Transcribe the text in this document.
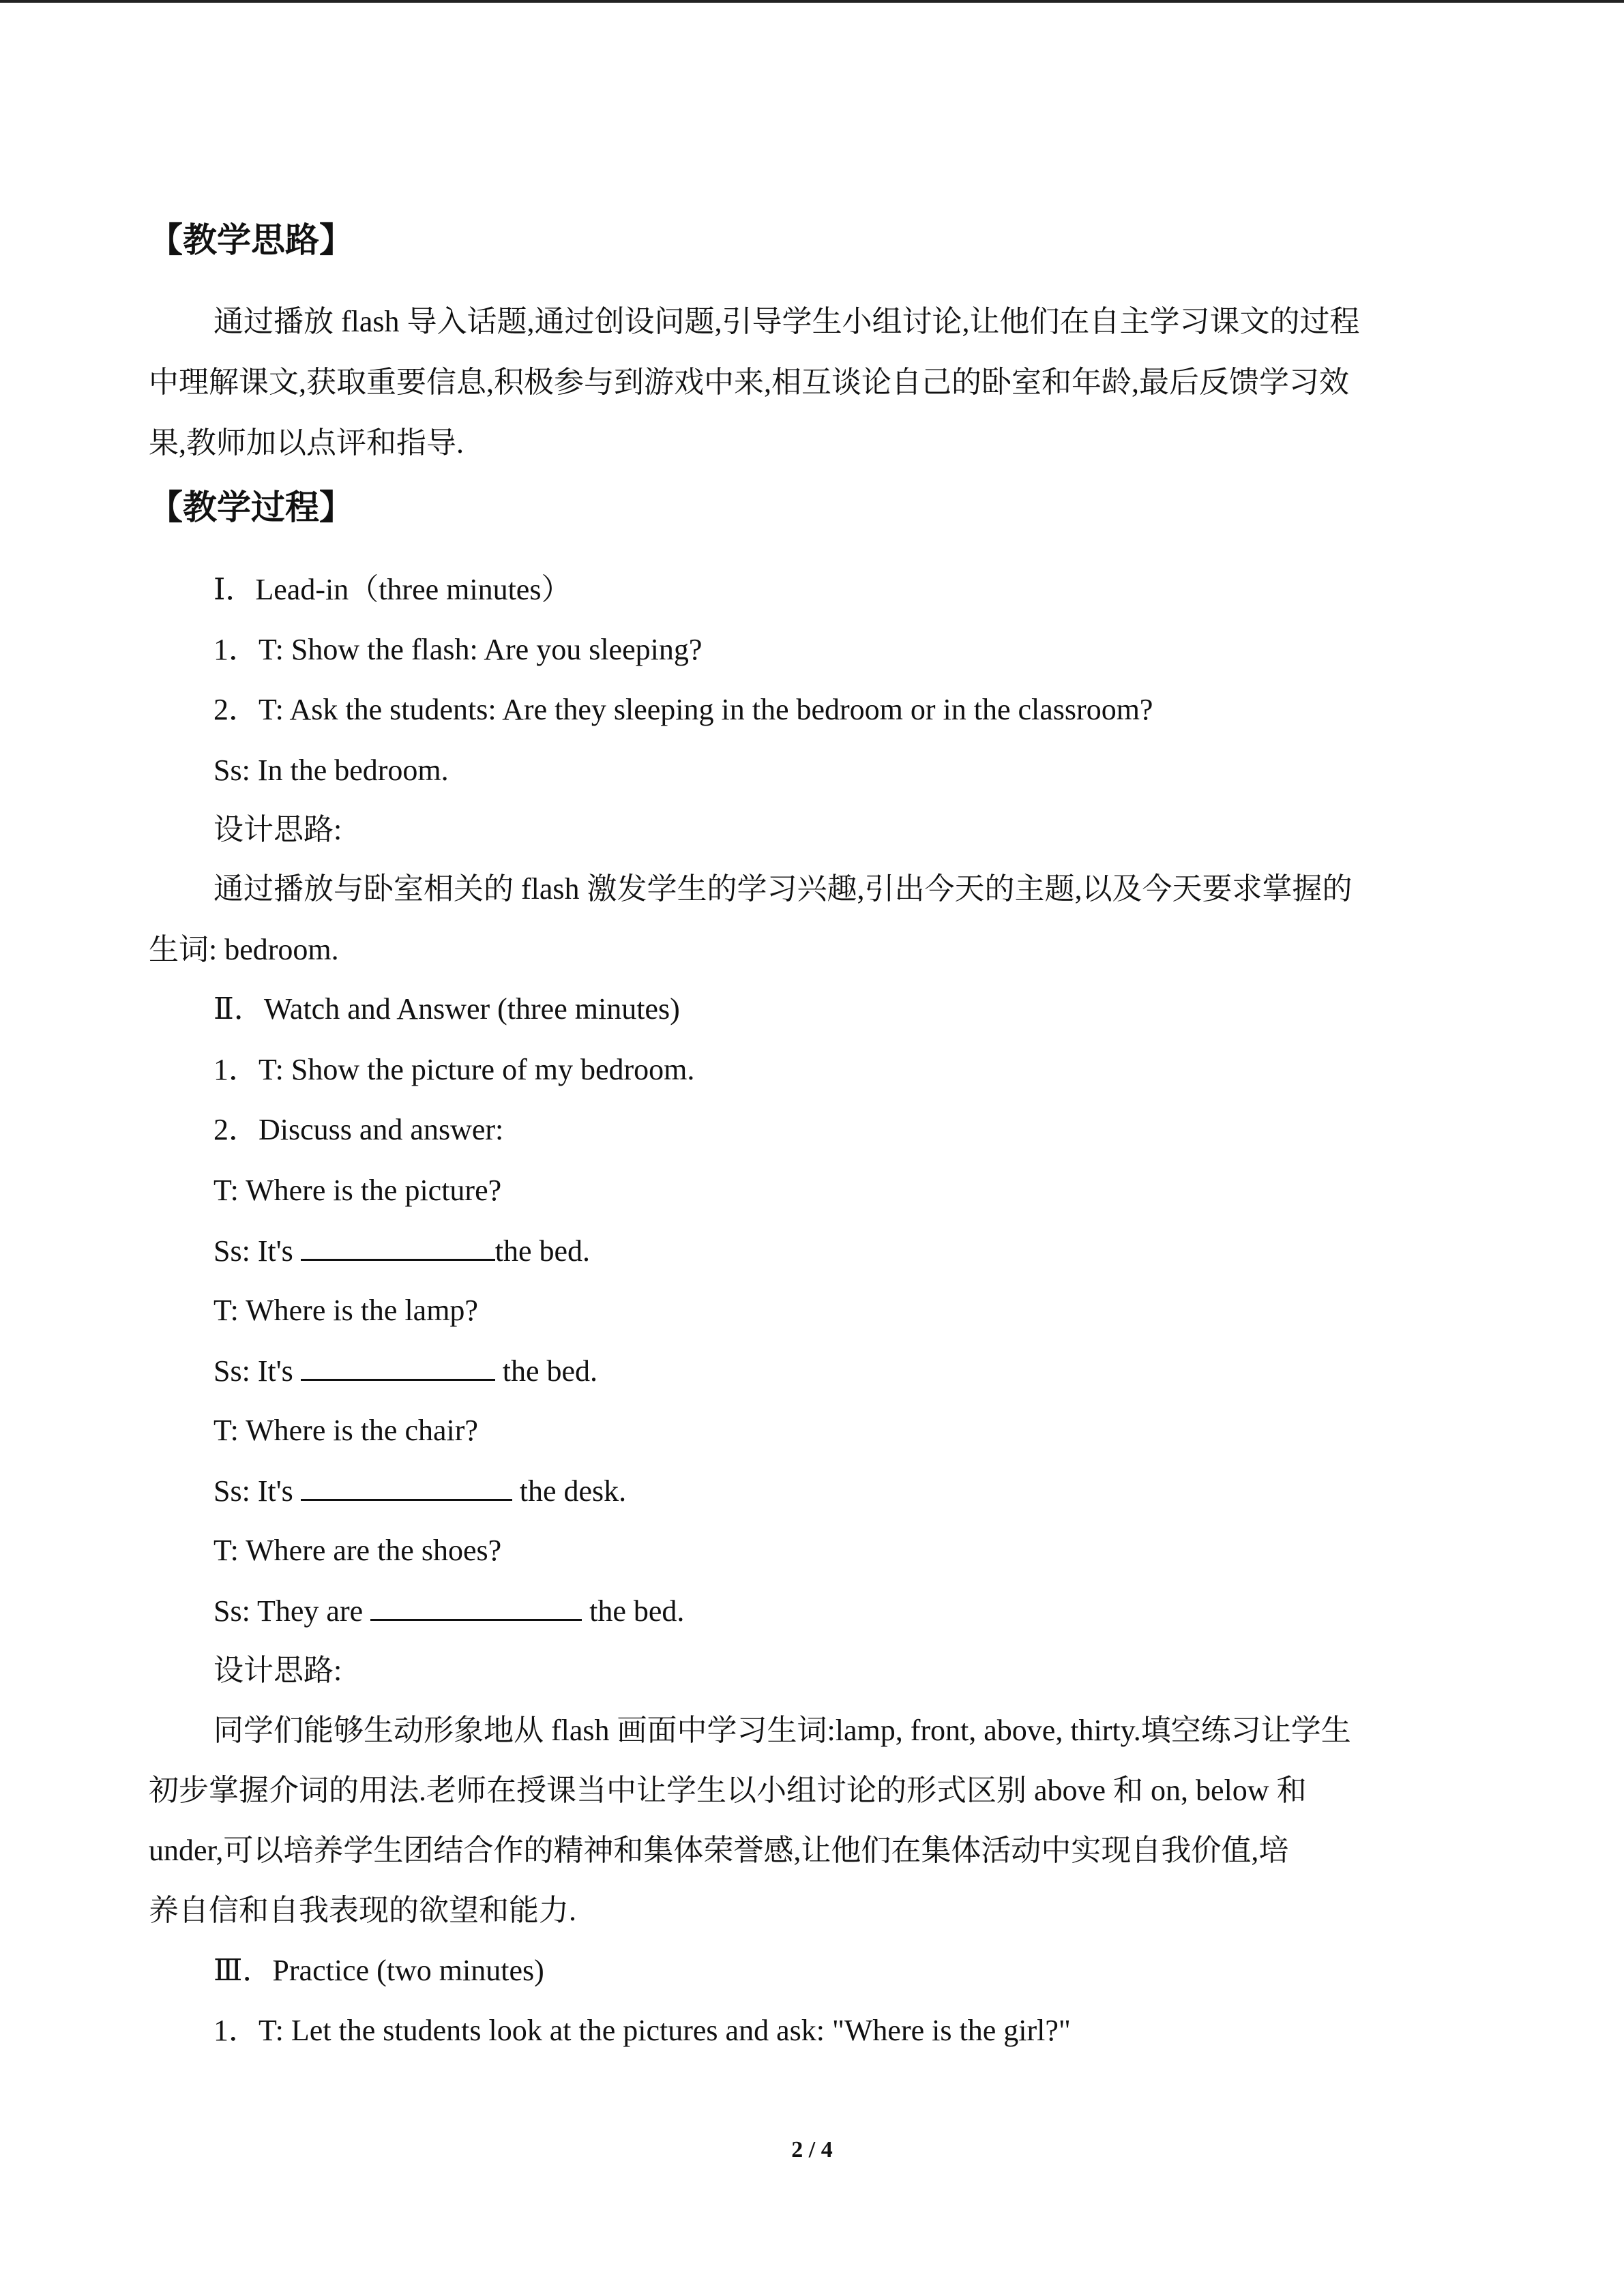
【教学思路】
通过播放 flash 导入话题,通过创设问题,引导学生小组讨论,让他们在自主学习课文的过程
中理解课文,获取重要信息,积极参与到游戏中来,相互谈论自己的卧室和年龄,最后反馈学习效
果,教师加以点评和指导.
【教学过程】
Ⅰ．Lead-in（three minutes）
1．T: Show the flash: Are you sleeping?
2．T: Ask the students: Are they sleeping in the bedroom or in the classroom?
Ss: In the bedroom.
设计思路:
通过播放与卧室相关的 flash 激发学生的学习兴趣,引出今天的主题,以及今天要求掌握的
生词: bedroom.
Ⅱ．Watch and Answer (three minutes)
1．T: Show the picture of my bedroom.
2．Discuss and answer:
T: Where is the picture?
Ss: It's	the bed.
T: Where is the lamp?
Ss: It's	the bed.
T: Where is the chair?
Ss: It's	the desk.
T: Where are the shoes?
Ss: They are	the bed.
设计思路:
同学们能够生动形象地从 flash 画面中学习生词:lamp, front, above, thirty.填空练习让学生
初步掌握介词的用法.老师在授课当中让学生以小组讨论的形式区别 above 和 on, below 和
under,可以培养学生团结合作的精神和集体荣誉感,让他们在集体活动中实现自我价值,培
养自信和自我表现的欲望和能力.
Ⅲ．Practice (two minutes)
1．T: Let the students look at the pictures and ask: "Where is the girl?"
2 / 4
